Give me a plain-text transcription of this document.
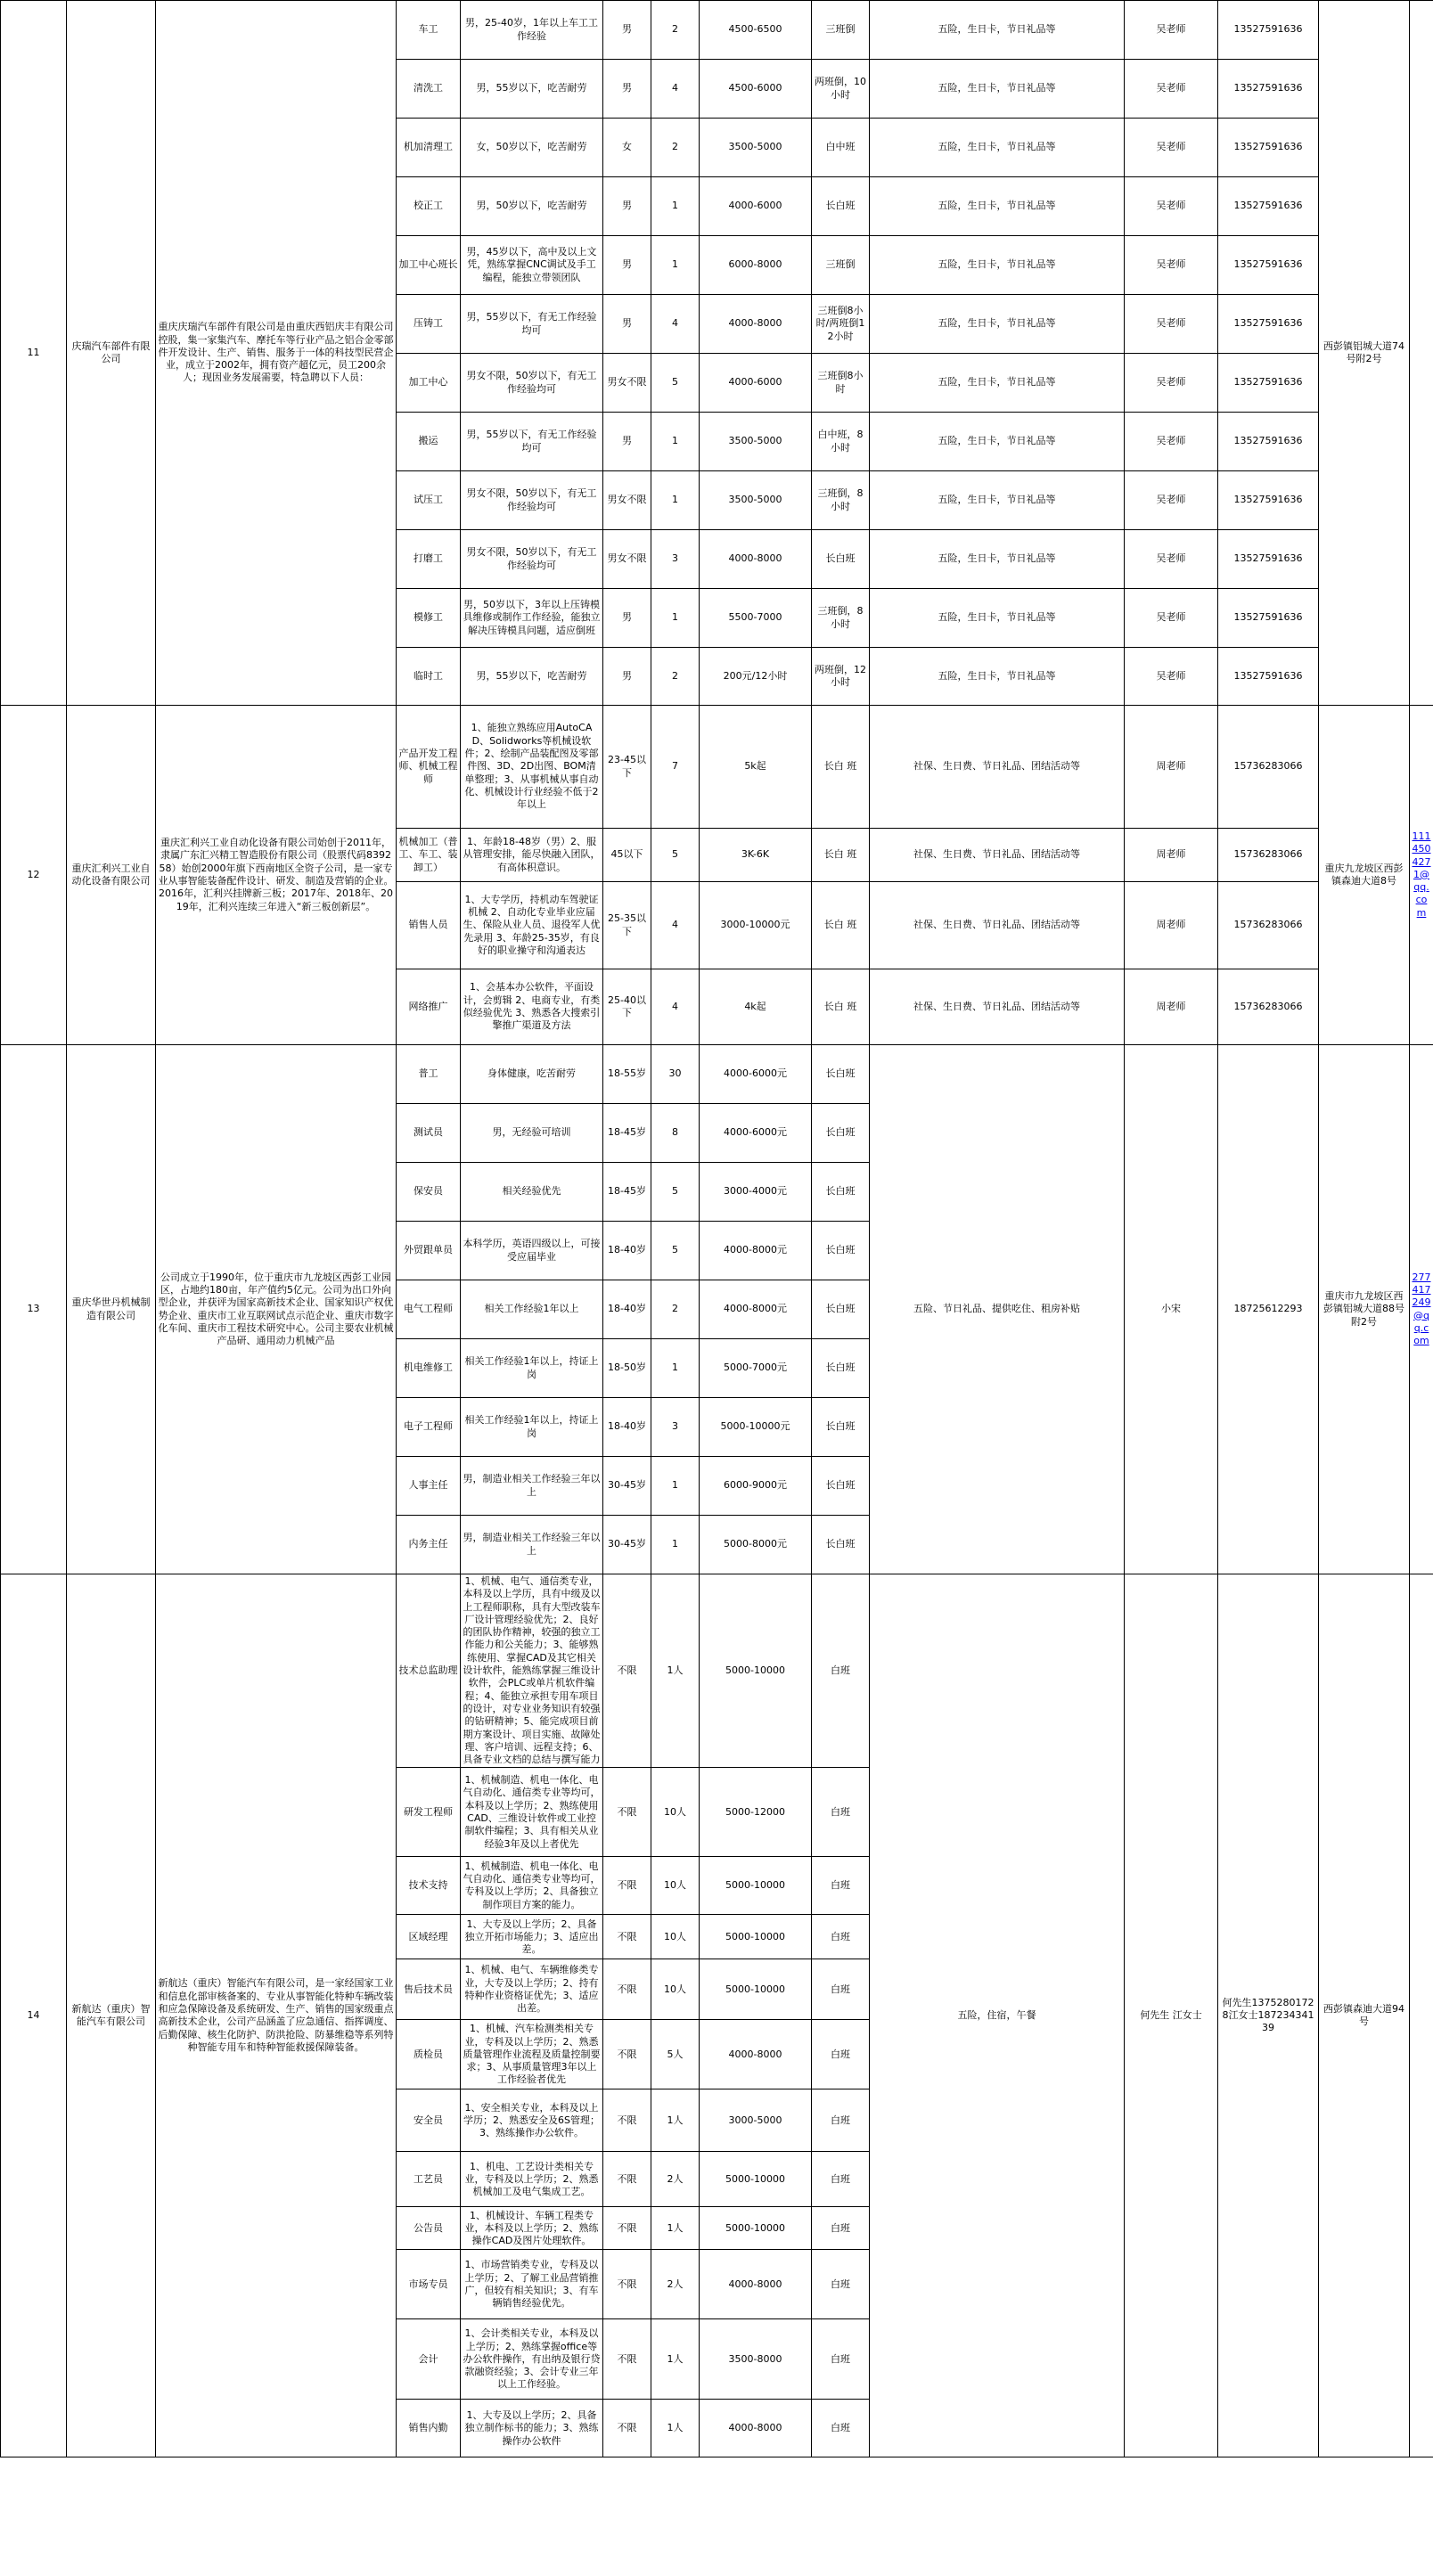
11	庆瑞汽车部件有限公司	重庆庆瑞汽车部件有限公司是由重庆西铝庆丰有限公司控股，集一家集汽车、摩托车等行业产品之铝合金零部件开发设计、生产、销售、服务于一体的科技型民营企业，成立于2002年，拥有资产超亿元，员工200余人；现因业务发展需要，特急聘以下人员：	车工	男，25-40岁，1年以上车工工作经验	男	2	4500-6500	三班倒	五险，生日卡，节日礼品等	吴老师	13527591636	西彭镇铝城大道74号附2号		
			清洗工	男，55岁以下，吃苦耐劳	男	4	4500-6000	两班倒，10小时	五险，生日卡，节日礼品等	吴老师	13527591636			
			机加清理工	女，50岁以下，吃苦耐劳	女	2	3500-5000	白中班	五险，生日卡，节日礼品等	吴老师	13527591636			
			校正工	男，50岁以下，吃苦耐劳	男	1	4000-6000	长白班	五险，生日卡，节日礼品等	吴老师	13527591636			
			加工中心班长	男，45岁以下，高中及以上文凭，熟练掌握CNC调试及手工编程，能独立带领团队	男	1	6000-8000	三班倒	五险，生日卡，节日礼品等	吴老师	13527591636			
			压铸工	男，55岁以下，有无工作经验均可	男	4	4000-8000	三班倒8小时/两班倒12小时	五险，生日卡，节日礼品等	吴老师	13527591636			
			加工中心	男女不限，50岁以下，有无工作经验均可	男女不限	5	4000-6000	三班倒8小时	五险，生日卡，节日礼品等	吴老师	13527591636			
			搬运	男，55岁以下，有无工作经验均可	男	1	3500-5000	白中班，8小时	五险，生日卡，节日礼品等	吴老师	13527591636			
			试压工	男女不限，50岁以下，有无工作经验均可	男女不限	1	3500-5000	三班倒，8小时	五险，生日卡，节日礼品等	吴老师	13527591636			
			打磨工	男女不限，50岁以下，有无工作经验均可	男女不限	3	4000-8000	长白班	五险，生日卡，节日礼品等	吴老师	13527591636			
			模修工	男，50岁以下，3年以上压铸模具维修或制作工作经验，能独立解决压铸模具问题，适应倒班	男	1	5500-7000	三班倒，8小时	五险，生日卡，节日礼品等	吴老师	13527591636			
			临时工	男，55岁以下，吃苦耐劳	男	2	200元/12小时	两班倒，12小时	五险，生日卡，节日礼品等	吴老师	13527591636			
12	重庆汇利兴工业自动化设备有限公司	重庆汇利兴工业自动化设备有限公司始创于2011年，隶属广东汇兴精工智造股份有限公司（股票代码839258）始创2000年旗下西南地区全资子公司，是一家专业从事智能装备配件设计、研发、制造及营销的企业。2016年，汇利兴挂牌新三板；2017年、2018年、2019年，汇利兴连续三年进入“新三板创新层”。	产品开发工程师、机械工程师	1、能独立熟练应用AutoCAD、Solidworks等机械设软件；2、绘制产品装配图及零部件图、3D、2D出图、BOM清单整理；3、从事机械从事自动化、机械设计行业经验不低于2年以上	23-45以下	7	5k起	长白 班	社保、生日费、节日礼品、团结活动等	周老师	15736283066	重庆九龙坡区西彭镇森迪大道8号	1114504271@qq.com	
			机械加工（普工、车工、装卸工）	1、年龄18-48岁（男）2、服从管理安排，能尽快融入团队，有高体积意识。	45以下	5	3K-6K	长白 班	社保、生日费、节日礼品、团结活动等	周老师	15736283066			
			销售人员	1、大专学历，持机动车驾驶证机械 2、自动化专业毕业应届生、保险从业人员、退役军人优先录用 3、年龄25-35岁，有良好的职业操守和沟通表达	25-35以下	4	3000-10000元	长白 班	社保、生日费、节日礼品、团结活动等	周老师	15736283066			
			网络推广	1、会基本办公软件，平面设计，会剪辑 2、电商专业，有类似经验优先 3、熟悉各大搜索引擎推广渠道及方法	25-40以下	4	4k起	长白 班	社保、生日费、节日礼品、团结活动等	周老师	15736283066			
13	重庆华世丹机械制造有限公司	公司成立于1990年，位于重庆市九龙坡区西彭工业园区，占地约180亩，年产值约5亿元。公司为出口外向型企业，并获评为国家高新技术企业、国家知识产权优势企业、重庆市工业互联网试点示范企业、重庆市数字化车间、重庆市工程技术研究中心。公司主要农业机械产品研、通用动力机械产品	普工	身体健康，吃苦耐劳	18-55岁	30	4000-6000元	长白班	五险、节日礼品、提供吃住、租房补贴	小宋	18725612293	重庆市九龙坡区西彭镇铝城大道88号附2号	277417249@qq.com	
			测试员	男，无经验可培训	18-45岁	8	4000-6000元	长白班						
			保安员	相关经验优先	18-45岁	5	3000-4000元	长白班						
			外贸跟单员	本科学历，英语四级以上，可接受应届毕业	18-40岁	5	4000-8000元	长白班						
			电气工程师	相关工作经验1年以上	18-40岁	2	4000-8000元	长白班						
			机电维修工	相关工作经验1年以上，持证上岗	18-50岁	1	5000-7000元	长白班						
			电子工程师	相关工作经验1年以上，持证上岗	18-40岁	3	5000-10000元	长白班						
			人事主任	男，制造业相关工作经验三年以上	30-45岁	1	6000-9000元	长白班						
			内务主任	男，制造业相关工作经验三年以上	30-45岁	1	5000-8000元	长白班						
14	新航达（重庆）智能汽车有限公司	新航达（重庆）智能汽车有限公司，是一家经国家工业和信息化部审核备案的、专业从事智能化特种车辆改装和应急保障设备及系统研发、生产、销售的国家级重点高新技术企业，公司产品涵盖了应急通信、指挥调度、后勤保障、核生化防护、防洪抢险、防暴维稳等系列特种智能专用车和特种智能救援保障装备。	技术总监助理	1、机械、电气、通信类专业，本科及以上学历，具有中级及以上工程师职称，具有大型改装车厂设计管理经验优先；2、良好的团队协作精神，较强的独立工作能力和公关能力；3、能够熟练使用、掌握CAD及其它相关设计软件，能熟练掌握三维设计软件，会PLC或单片机软件编程；4、能独立承担专用车项目的设计，对专业业务知识有较强的钻研精神；5、能完成项目前期方案设计、项目实施、故障处理、客户培训、远程支持；6、具备专业文档的总结与撰写能力	不限	1人	5000-10000	白班	五险，住宿，午餐	何先生 江女士	何先生13752801728江女士18723434139	西彭镇森迪大道94号		
			研发工程师	1、机械制造、机电一体化、电气自动化、通信类专业等均可，本科及以上学历；2、熟练使用CAD、三维设计软件或工业控制软件编程；3、具有相关从业经验3年及以上者优先	不限	10人	5000-12000	白班						
			技术支持	1、机械制造、机电一体化、电气自动化、通信类专业等均可，专科及以上学历；2、具备独立制作项目方案的能力。	不限	10人	5000-10000	白班						
			区域经理	1、大专及以上学历；2、具备独立开拓市场能力；3、适应出差。	不限	10人	5000-10000	白班						
			售后技术员	1、机械、电气、车辆维修类专业，大专及以上学历；2、持有特种作业资格证优先；3、适应出差。	不限	10人	5000-10000	白班						
			质检员	1、机械、汽车检测类相关专业，专科及以上学历；2、熟悉质量管理作业流程及质量控制要求；3、从事质量管理3年以上工作经验者优先	不限	5人	4000-8000	白班						
			安全员	1、安全相关专业，本科及以上学历；2、熟悉安全及6S管理；3、熟练操作办公软件。	不限	1人	3000-5000	白班						
			工艺员	1、机电、工艺设计类相关专业，专科及以上学历；2、熟悉机械加工及电气集成工艺。	不限	2人	5000-10000	白班						
			公告员	1、机械设计、车辆工程类专业，本科及以上学历；2、熟练操作CAD及图片处理软件。	不限	1人	5000-10000	白班						
			市场专员	1、市场营销类专业，专科及以上学历；2、了解工业品营销推广，但较有相关知识；3、有车辆销售经验优先。	不限	2人	4000-8000	白班						
			会计	1、会计类相关专业，本科及以上学历；2、熟练掌握office等办公软件操作，有出纳及银行贷款融资经验；3、会计专业三年以上工作经验。	不限	1人	3500-8000	白班						
			销售内勤	1、大专及以上学历；2、具备独立制作标书的能力；3、熟练操作办公软件	不限	1人	4000-8000	白班						
